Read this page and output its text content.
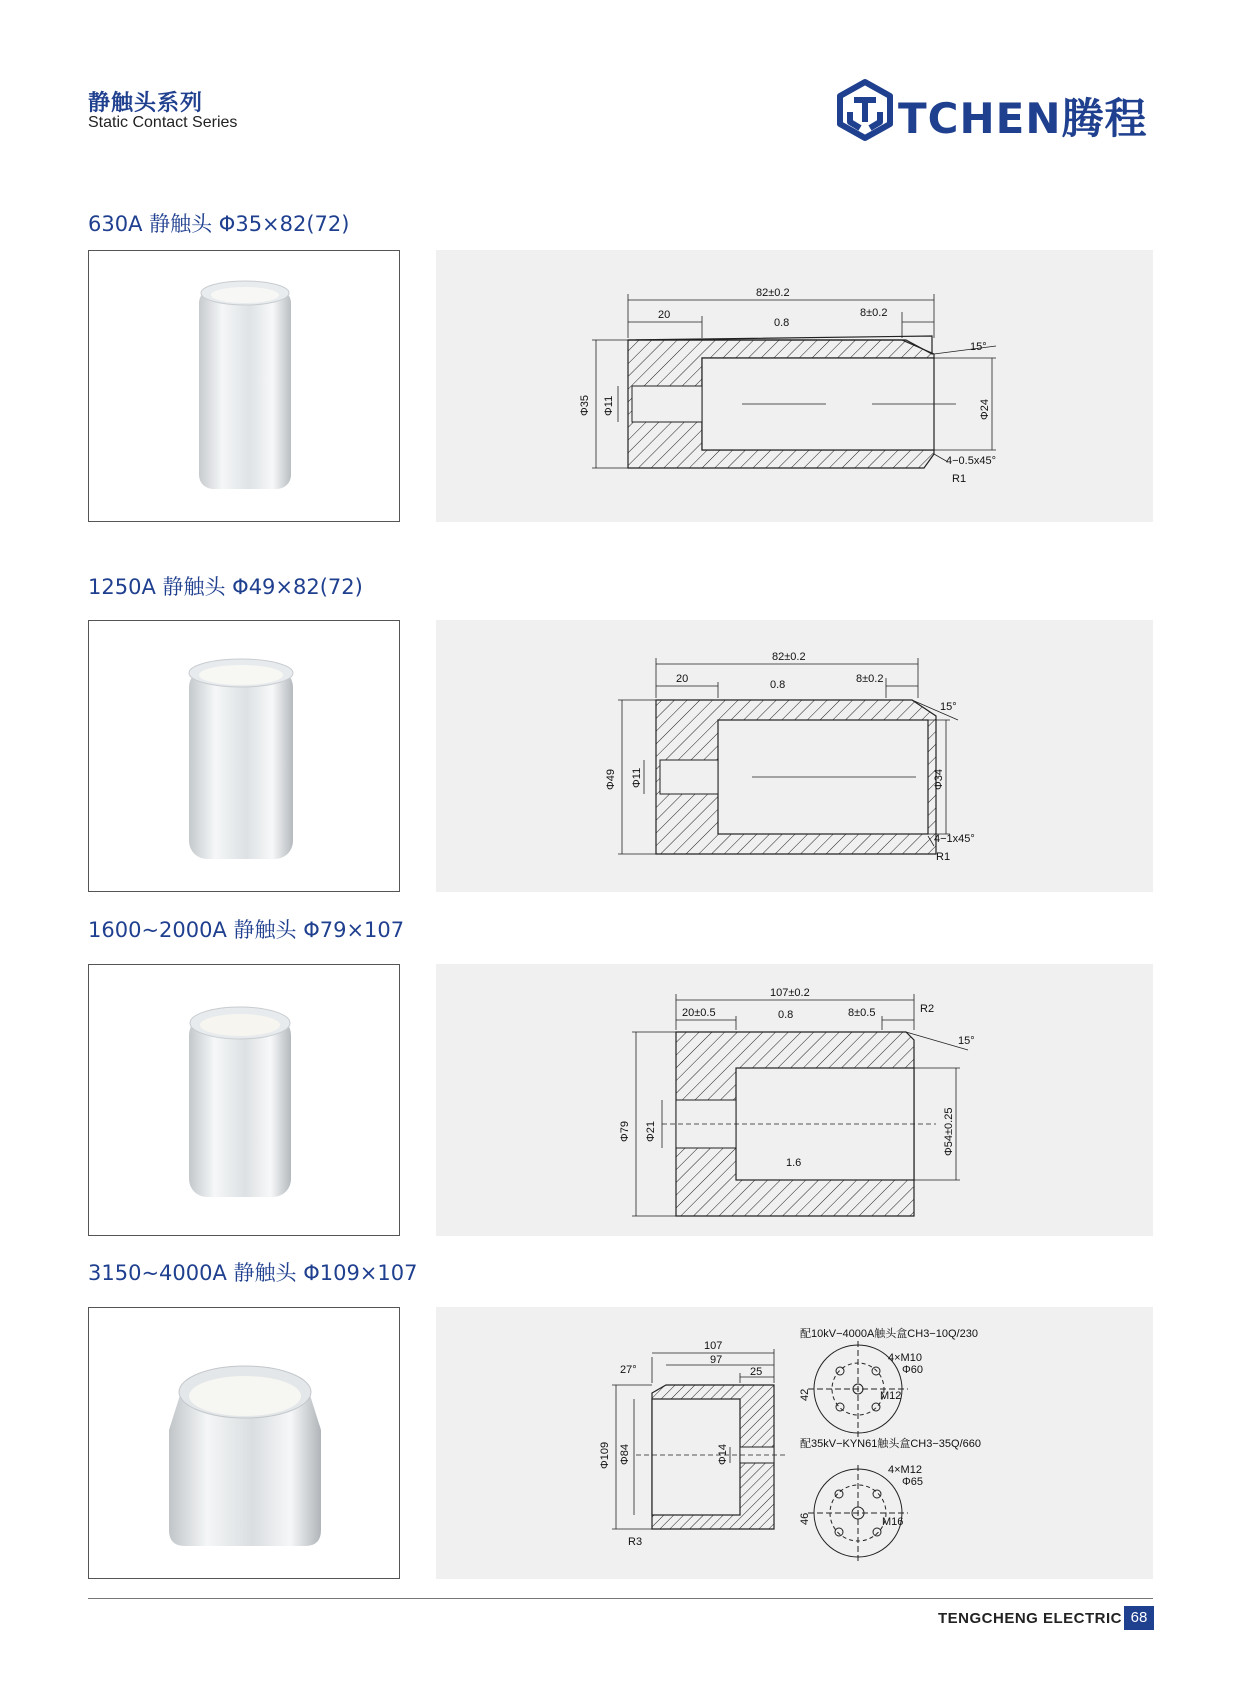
静触头系列
Static Contact Series	TCHEN腾程
630A 静触头 Φ35×82(72)
82±0.2
20
0.8
8±0.2
15°
Φ35 Φ11	Φ24
4−0.5x45°
R1
1250A 静触头 Φ49×82(72)
82±0.2
20	0.8	8±0.2
15°
Φ49 Φ11	Φ34
4−1x45°
R1
1600~2000A 静触头 Φ79×107
107±0.2
20±0.5	0.8	8±0.5	R2
15°
Φ79 Φ21	Φ54±0.25
1.6
3150~4000A 静触头 Φ109×107
107
97
25
27°
Φ109 Φ84	Φ14
R3
配10kV−4000A触头盒CH3−10Q/230
4×M10
Φ60
M12
42
配35kV−KYN61触头盒CH3−35Q/660
4×M12
Φ65
M16
46
TENGCHENG ELECTRIC 68
